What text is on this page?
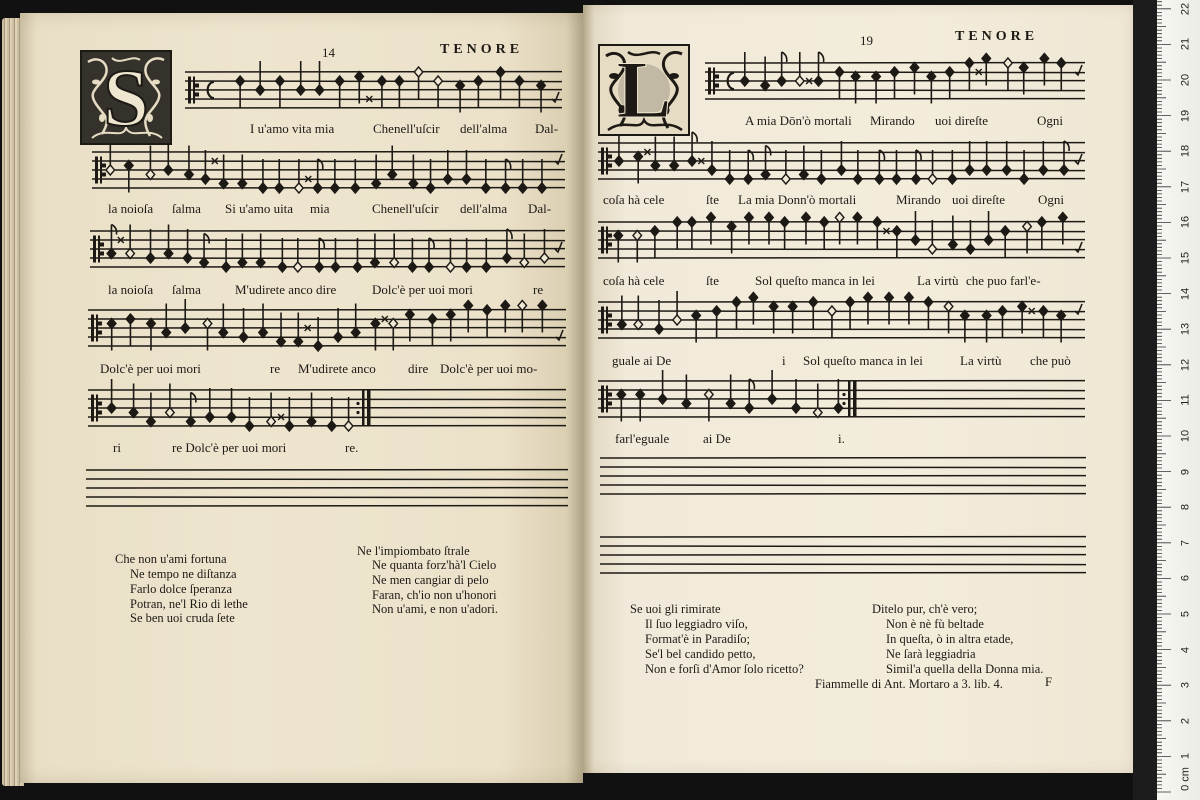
14	TENORE
19	TENORE
S	L
Fiammelle di Ant. Mortaro a 3. lib. 4.	F
0 cm
1
2
3
4
5
6
7
8
9
10
11
12
13
14
15
16
17
18
19
20
21
22
I u'amo vita mia	Chenell'uſcir dell'alma Dal-
la noioſa ſalma Si u'amo uita mia	Chenell'uſcir dell'alma Dal-
la noioſa ſalma	M'udirete anco dire	Dolc'è per uoi mori	re
Dolc'è per uoi mori	re M'udirete anco dire Dolc'è per uoi mo-
ri	re Dolc'è per uoi mori	re.
A mia Dōn'ò mortali Mirando uoi direſte	Ogni
coſa hà cele	ſte La mia Donn'ò mortali	Mirando uoi direſte	Ogni
coſa hà cele	ſte	Sol queſto manca in lei	La virtù che puo farl'e-
guale ai De	i Sol queſto manca in lei	La virtù che può
farl'eguale	ai De	i.
Che non u'ami fortuna
Ne tempo ne diſtanza
Farlo dolce ſperanza
Potran, ne'l Rio di lethe
Se ben uoi cruda ſete
Ne l'impiombato ſtrale
Ne quanta forz'hà'l Cielo
Ne men cangiar di pelo
Faran, ch'io non u'honori
Non u'ami, e non u'adori.	Se uoi gli rimirate
Il ſuo leggiadro viſo,
Format'è in Paradiſo;
Se'l bel candido petto,
Non e forſi d'Amor ſolo ricetto?
Ditelo pur, ch'è vero;
Non è nè fù beltade
In queſta, ò in altra etade,
Ne ſarà leggiadria
Simil'a quella della Donna mia.
